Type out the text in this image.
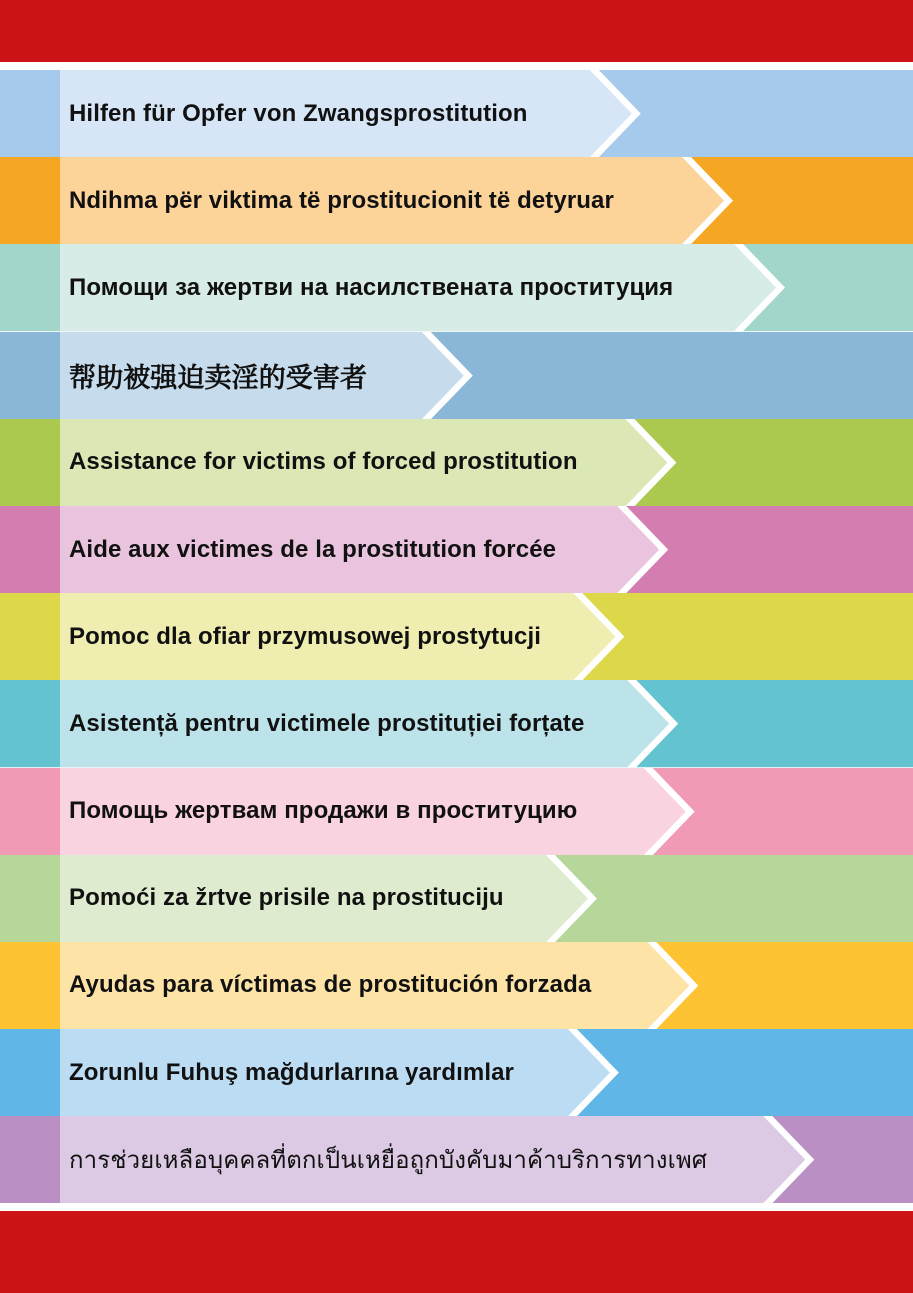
Hilfen für Opfer von Zwangsprostitution
Ndihma për viktima të prostitucionit të detyruar
Помощи за жертви на насилствената проституция
帮助被强迫卖淫的受害者
Assistance for victims of forced prostitution
Aide aux victimes de la prostitution forcée
Pomoc dla ofiar przymusowej prostytucji
Asistență pentru victimele prostituției forțate
Помощь жертвам продажи в проституцию
Pomoći za žrtve prisile na prostituciju
Ayudas para víctimas de prostitución forzada
Zorunlu Fuhuş mağdurlarına yardımlar
การช่วยเหลือบุคคลที่ตกเป็นเหยื่อถูกบังคับมาค้าบริการทางเพศ
